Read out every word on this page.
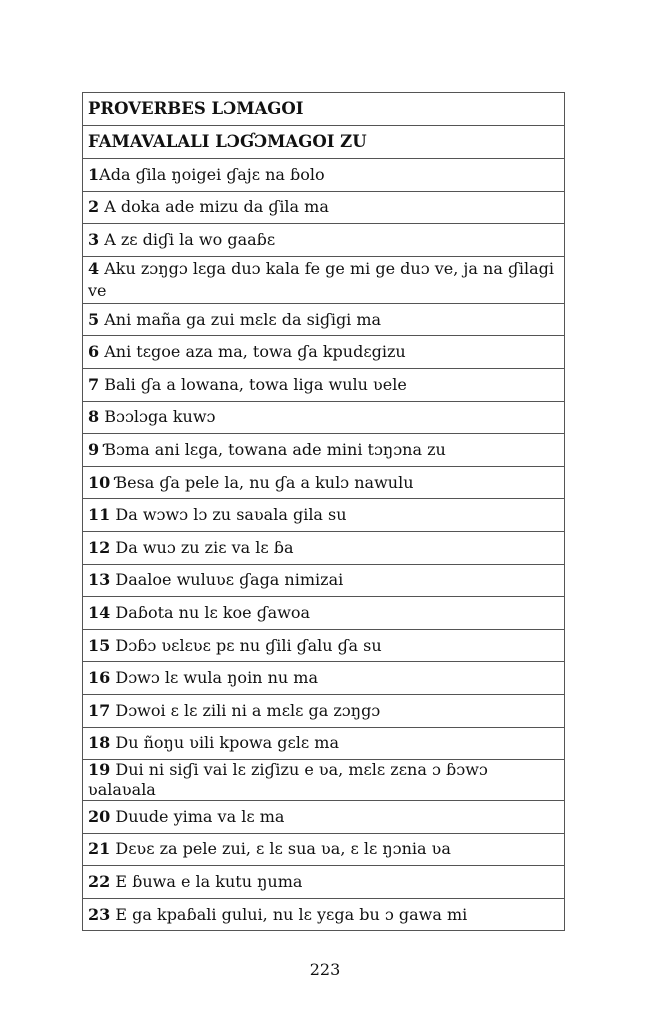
PROVERBES LƆMAGOI
FAMAVALALI LƆƓƆMAGOI ZU
1Ada ɠila ŋoigei ɠajɛ na ɓolo
2 A doka ade mizu da ɠila ma
3 A zɛ diɠi la wo gaaɓɛ
4 Aku zɔŋgɔ lɛga duɔ kala fe ge mi ge duɔ ve, ja na ɠilagi ve
5 Ani maña ga zui mɛlɛ da siɠigi ma
6 Ani tɛgoe aza ma, towa ɠa kpudɛgizu
7 Bali ɠa a lowana, towa liga wulu ʋele
8 Bɔɔlɔga kuwɔ
9 Ɓɔma ani lɛga, towana ade mini tɔŋɔna zu
10 Ɓesa ɠa pele la, nu ɠa a kulɔ nawulu
11 Da wɔwɔ lɔ zu saʋala gila su
12 Da wuɔ zu ziɛ va lɛ ɓa
13 Daaloe wuluʋɛ ɠaga nimizai
14 Daɓota nu lɛ koe ɠawoa
15 Dɔɓɔ ʋɛlɛʋɛ pɛ nu ɠili ɠalu ɠa su
16 Dɔwɔ lɛ wula ŋoin nu ma
17 Dɔwoi ɛ lɛ zili ni a mɛlɛ ga zɔŋgɔ
18 Du ñoŋu ʋili kpowa gɛlɛ ma
19 Dui ni siɠi vai lɛ ziɠizu e ʋa, mɛlɛ zɛna ɔ ɓɔwɔ ʋalaʋala
20 Duude yima va lɛ ma
21 Dɛʋɛ za pele zui, ɛ lɛ sua ʋa, ɛ lɛ ŋɔnia ʋa
22 E ɓuwa e la kutu ŋuma
23 E ga kpaɓali gului, nu lɛ yɛga bu ɔ gawa mi
223
